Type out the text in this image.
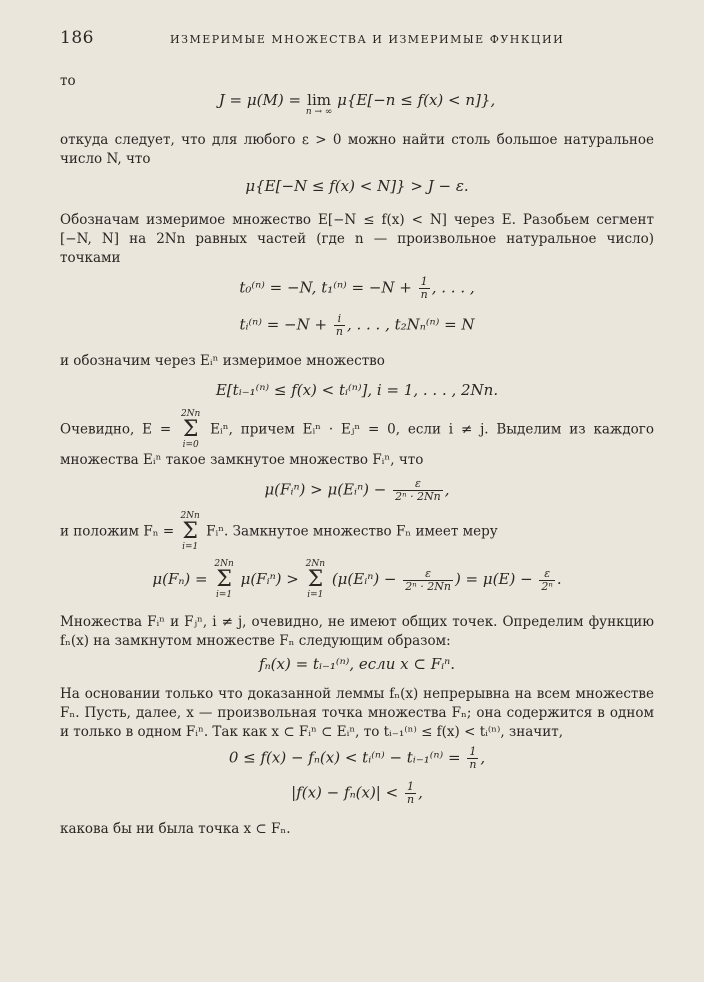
186	ИЗМЕРИМЫЕ МНОЖЕСТВА И ИЗМЕРИМЫЕ ФУНКЦИИ

то

J = μ(M) = lim
n → ∞
μ{E[−n ≤ f(x) < n]},

откуда следует, что для любого ε > 0 можно найти столь большое натуральное число N, что

μ{E[−N ≤ f(x) < N]} > J − ε.

Обозначам измеримое множество E[−N ≤ f(x) < N] через E. Разобьем сегмент [−N, N] на 2Nn равных частей (где n — произвольное натуральное число) точками

t₀⁽ⁿ⁾ = −N, $t_1^{(n)} = -N + \frac{1}{n}$ , . . . ,

tᵢ⁽ⁿ⁾ = $-N + \frac{i}{n}$ , . . . , t₂Nₙ⁽ⁿ⁾ = N

и обозначим через Eᵢⁿ измеримое множество

E[tᵢ₋₁⁽ⁿ⁾ ≤ f(x) < tᵢ⁽ⁿ⁾], i = 1, . . . , 2Nn.

Очевидно, E =
2Nn
Σ
i=0
Eᵢⁿ, причем Eᵢⁿ · Eⱼⁿ = 0, если i ≠ j. Выделим из каждого множества Eᵢⁿ такое замкнутое множество Fᵢⁿ, что

μ(Fᵢⁿ) > μ(Eᵢⁿ) − $\frac{\varepsilon}{\text{2ⁿ · 2Nn}}$ ,

и положим Fₙ =
2Nn
Σ
i=1
Fᵢⁿ. Замкнутое множество Fₙ имеет меру

μ(Fₙ) =
2Nn
Σ
i=1
μ(Fᵢⁿ) >
2Nn
Σ
i=1
(μ(Eᵢⁿ) − $\frac{\varepsilon}{\text{2ⁿ · 2Nn}}$ ) = $\mu(E) - \frac{\varepsilon}{\text{2ⁿ}}$ .

Множества Fᵢⁿ и Fⱼⁿ, i ≠ j, очевидно, не имеют общих точек. Определим функцию fₙ(x) на замкнутом множестве Fₙ следующим образом:

fₙ(x) = tᵢ₋₁⁽ⁿ⁾, если x ⊂ Fᵢⁿ.

На основании только что доказанной леммы fₙ(x) непрерывна на всем множестве Fₙ. Пусть, далее, x — произвольная точка множества Fₙ; она содержится в одном и только в одном Fᵢⁿ. Так как x ⊂ Fᵢⁿ ⊂ Eᵢⁿ, то tᵢ₋₁⁽ⁿ⁾ ≤ f(x) < tᵢ⁽ⁿ⁾, значит,

0 ≤ f(x) − fₙ(x) < tᵢ⁽ⁿ⁾ − tᵢ₋₁⁽ⁿ⁾ = $\frac{1}{n}$ ,

$|f(x) - f_n(x)| < \frac{1}{n}$ ,

какова бы ни была точка x ⊂ Fₙ.
